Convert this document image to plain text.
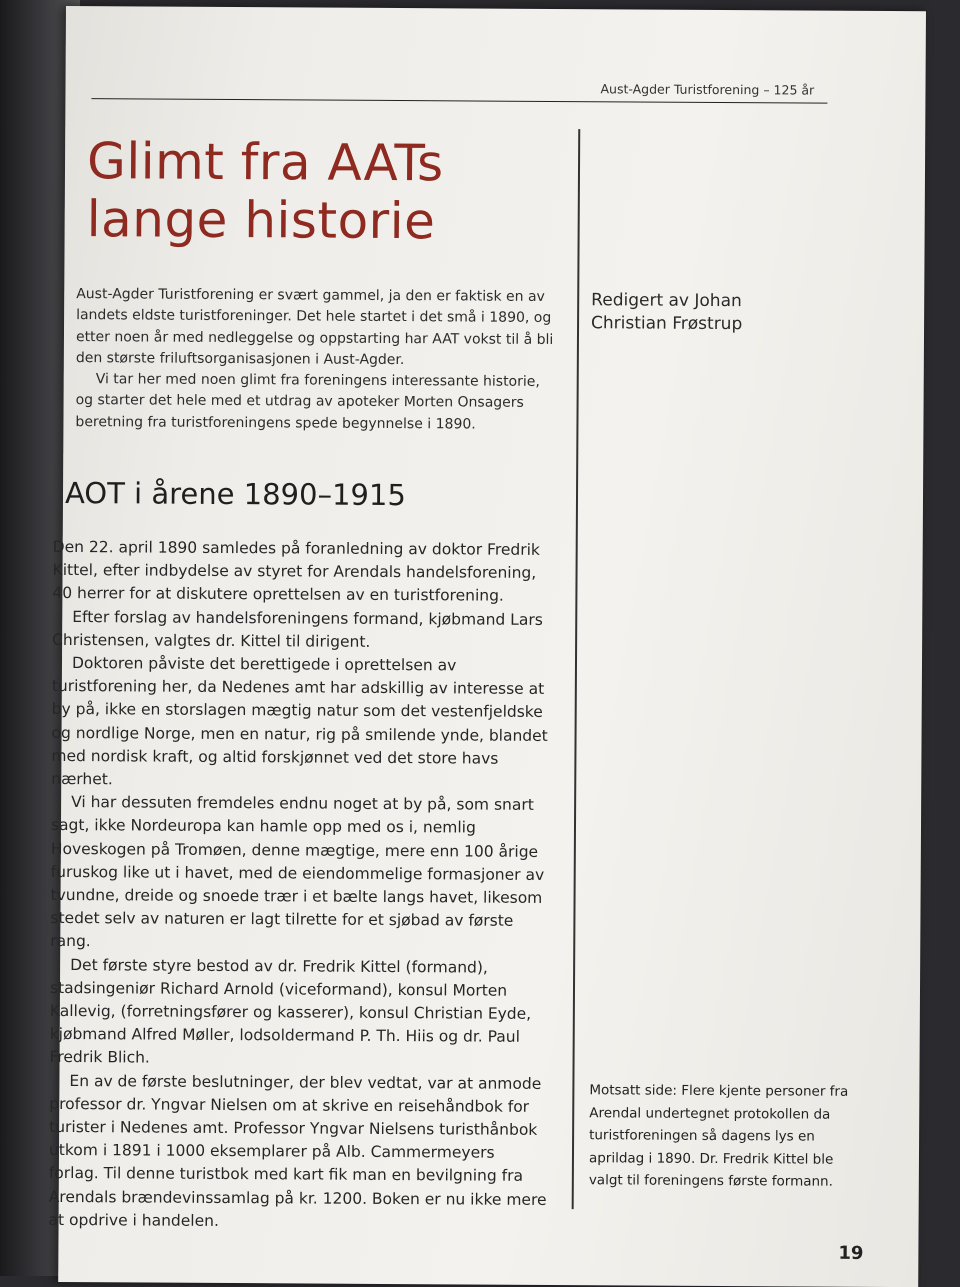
Aust-Agder Turistforening – 125 år
Glimt fra AATs
lange historie

Aust-Agder Turistforening er svært gammel, ja den er faktisk en av landets eldste turistforeninger. Det hele startet i det små i 1890, og etter noen år med nedleggelse og oppstarting har AAT vokst til å bli den største friluftsorganisasjonen i Aust-Agder.

Vi tar her med noen glimt fra foreningens interessante historie, og starter det hele med et utdrag av apoteker Morten Onsagers beretning fra turistforeningens spede begynnelse i 1890.

Redigert av Johan Christian Frøstrup
AOT i årene 1890–1915

Den 22. april 1890 samledes på foranledning av doktor Fredrik Kittel, efter indbydelse av styret for Arendals handelsforening, 40 herrer for at diskutere oprettelsen av en turistforening.

Efter forslag av handelsforeningens formand, kjøbmand Lars Christensen, valgtes dr. Kittel til dirigent.

Doktoren påviste det berettigede i oprettelsen av turistforening her, da Nedenes amt har adskillig av interesse at by på, ikke en storslagen mægtig natur som det vestenfjeldske og nordlige Norge, men en natur, rig på smilende ynde, blandet med nordisk kraft, og altid forskjønnet ved det store havs nærhet.

Vi har dessuten fremdeles endnu noget at by på, som snart sagt, ikke Nordeuropa kan hamle opp med os i, nemlig Hoveskogen på Tromøen, denne mægtige, mere enn 100 årige furuskog like ut i havet, med de eiendommelige formasjoner av tvundne, dreide og snoede trær i et bælte langs havet, likesom stedet selv av naturen er lagt tilrette for et sjøbad av første rang.

Det første styre bestod av dr. Fredrik Kittel (formand), stadsingeniør Richard Arnold (viceformand), konsul Morten Kallevig, (forretningsfører og kasserer), konsul Christian Eyde, kjøbmand Alfred Møller, lodsoldermand P. Th. Hiis og dr. Paul Fredrik Blich.

En av de første beslutninger, der blev vedtat, var at anmode professor dr. Yngvar Nielsen om at skrive en reisehåndbok for turister i Nedenes amt. Professor Yngvar Nielsens turisthånbok utkom i 1891 i 1000 eksemplarer på Alb. Cammermeyers forlag. Til denne turistbok med kart fik man en bevilgning fra Arendals brændevinssamlag på kr. 1200. Boken er nu ikke mere at opdrive i handelen.

Motsatt side: Flere kjente personer fra Arendal undertegnet protokollen da turistforeningen så dagens lys en aprildag i 1890. Dr. Fredrik Kittel ble valgt til foreningens første formann.
19
